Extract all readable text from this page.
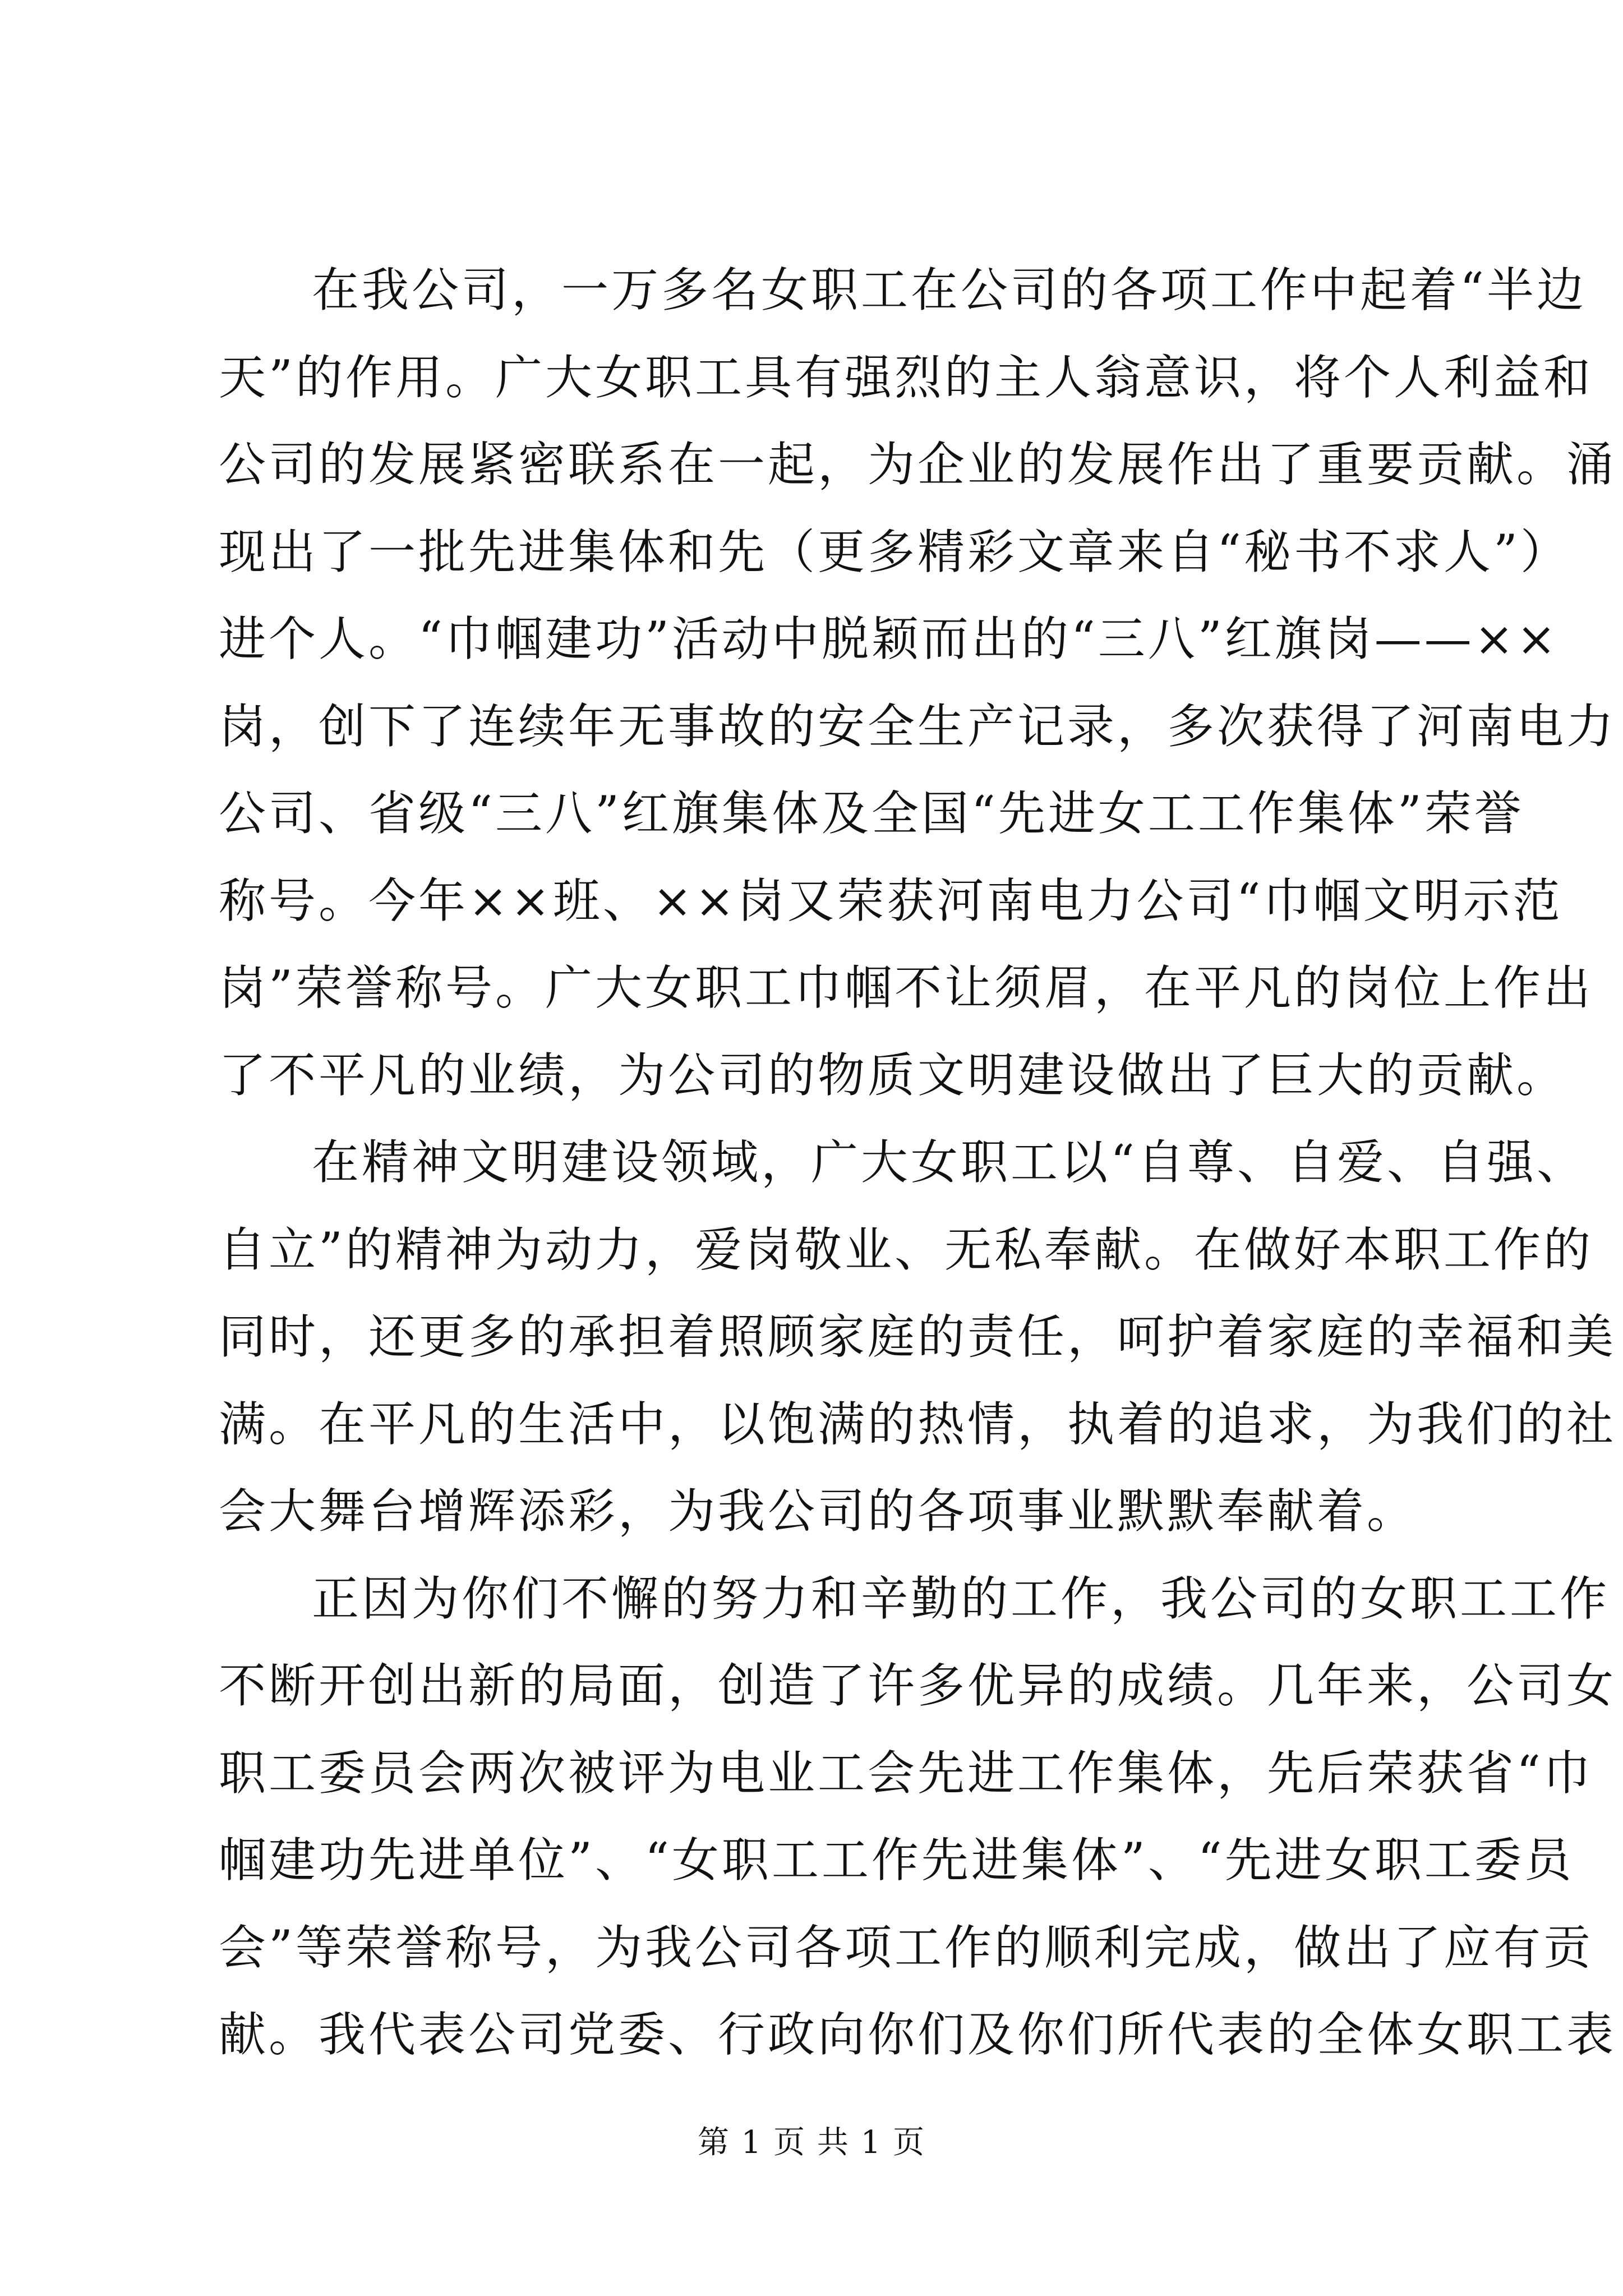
在我公司，一万多名女职工在公司的各项工作中起着“半边
天”的作用。广大女职工具有强烈的主人翁意识，将个人利益和
公司的发展紧密联系在一起，为企业的发展作出了重要贡献。涌
现出了一批先进集体和先（更多精彩文章来自“秘书不求人”）
进个人。“巾帼建功”活动中脱颖而出的“三八”红旗岗——××
岗，创下了连续年无事故的安全生产记录，多次获得了河南电力
公司、省级“三八”红旗集体及全国“先进女工工作集体”荣誉
称号。今年××班、××岗又荣获河南电力公司“巾帼文明示范
岗”荣誉称号。广大女职工巾帼不让须眉，在平凡的岗位上作出
了不平凡的业绩，为公司的物质文明建设做出了巨大的贡献。
在精神文明建设领域，广大女职工以“自尊、自爱、自强、
自立”的精神为动力，爱岗敬业、无私奉献。在做好本职工作的
同时，还更多的承担着照顾家庭的责任，呵护着家庭的幸福和美
满。在平凡的生活中，以饱满的热情，执着的追求，为我们的社
会大舞台增辉添彩，为我公司的各项事业默默奉献着。
正因为你们不懈的努力和辛勤的工作，我公司的女职工工作
不断开创出新的局面，创造了许多优异的成绩。几年来，公司女
职工委员会两次被评为电业工会先进工作集体，先后荣获省“巾
帼建功先进单位”、“女职工工作先进集体”、“先进女职工委员
会”等荣誉称号，为我公司各项工作的顺利完成，做出了应有贡
献。我代表公司党委、行政向你们及你们所代表的全体女职工表
第 1 页 共 1 页
